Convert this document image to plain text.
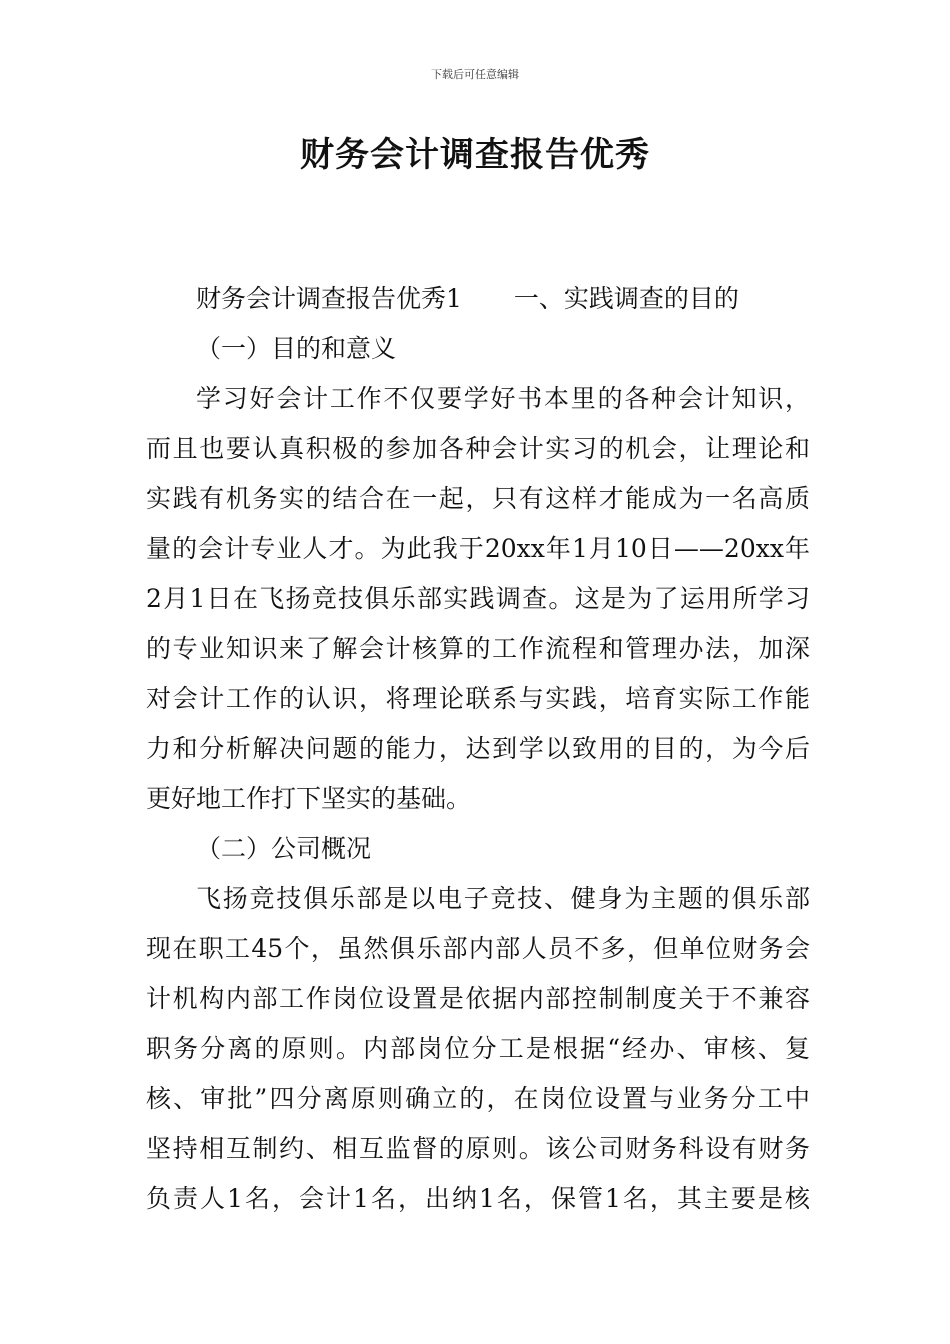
下载后可任意编辑
财务会计调查报告优秀
财务会计调查报告优秀1 一、实践调查的目的
（一）目的和意义
学习好会计工作不仅要学好书本里的各种会计知识，
而且也要认真积极的参加各种会计实习的机会，让理论和
实践有机务实的结合在一起，只有这样才能成为一名高质
量的会计专业人才。为此我于20xx年1月10日——20xx年
2月1日在飞扬竞技俱乐部实践调查。这是为了运用所学习
的专业知识来了解会计核算的工作流程和管理办法，加深
对会计工作的认识，将理论联系与实践，培育实际工作能
力和分析解决问题的能力，达到学以致用的目的，为今后
更好地工作打下坚实的基础。
（二）公司概况
飞扬竞技俱乐部是以电子竞技、健身为主题的俱乐部
现在职工45个，虽然俱乐部内部人员不多，但单位财务会
计机构内部工作岗位设置是依据内部控制制度关于不兼容
职务分离的原则。内部岗位分工是根据“经办、审核、复
核、审批”四分离原则确立的，在岗位设置与业务分工中
坚持相互制约、相互监督的原则。该公司财务科设有财务
负责人1名，会计1名，出纳1名，保管1名，其主要是核
